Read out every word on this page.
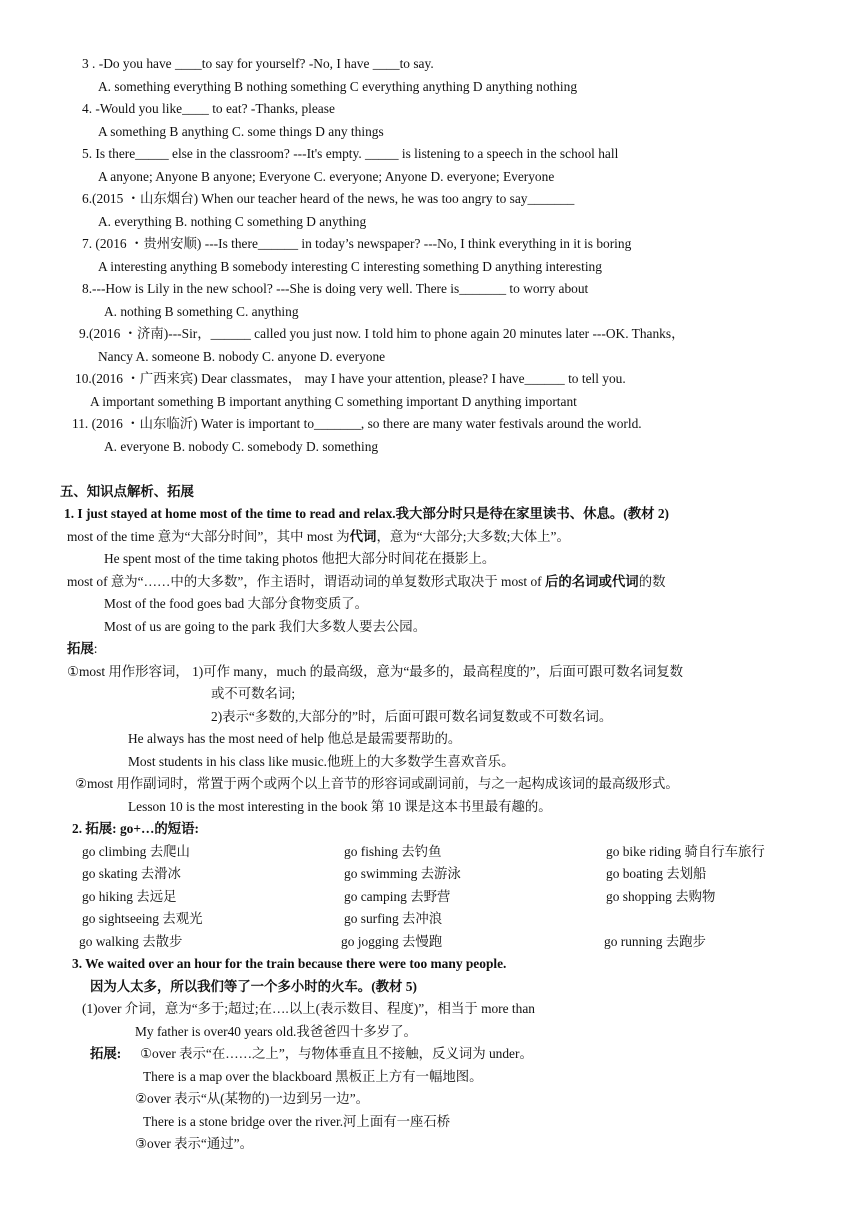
3 . -Do you have ____to say for yourself? -No, I have ____to say.
A. something everything B nothing something C everything anything D anything nothing
4. -Would you like____ to eat? -Thanks, please
A something B anything C. some things D any things
5. Is there_____ else in the classroom? ---It's empty. _____ is listening to a speech in the school hall
A anyone; Anyone B anyone; Everyone C. everyone; Anyone D. everyone; Everyone
6.(2015 ・山东烟台) When our teacher heard of the news, he was too angry to say_______
A. everything B. nothing C something D anything
7. (2016 ・贵州安顺) ---Is there______ in today’s newspaper? ---No, I think everything in it is boring
A interesting anything B somebody interesting C interesting something D anything interesting
8.---How is Lily in the new school? ---She is doing very well. There is_______ to worry about
A. nothing B something C. anything
9.(2016 ・济南)---Sir，______ called you just now. I told him to phone again 20 minutes later ---OK. Thanks，
Nancy A. someone B. nobody C. anyone D. everyone
10.(2016 ・广西来宾) Dear classmates， may I have your attention, please? I have______ to tell you.
A important something B important anything C something important D anything important
11. (2016 ・山东临沂) Water is important to_______, so there are many water festivals around the world.
A. everyone B. nobody C. somebody D. something
五、知识点解析、拓展
1. I just stayed at home most of the time to read and relax.我大部分时只是待在家里读书、休息。(教材 2)
most of the time 意为“大部分时间”，其中 most 为代词，意为“大部分;大多数;大体上”。
He spent most of the time taking photos 他把大部分时间花在摄影上。
most of 意为“……中的大多数”，作主语时，谓语动词的单复数形式取决于 most of 后的名词或代词的数
Most of the food goes bad 大部分食物变质了。
Most of us are going to the park 我们大多数人要去公园。
拓展:
①most 用作形容词， 1)可作 many，much 的最高级，意为“最多的，最高程度的”，后面可跟可数名词复数
或不可数名词;
2)表示“多数的,大部分的”时，后面可跟可数名词复数或不可数名词。
He always has the most need of help 他总是最需要帮助的。
Most students in his class like music.他班上的大多数学生喜欢音乐。
②most 用作副词时，常置于两个或两个以上音节的形容词或副词前，与之一起构成该词的最高级形式。
Lesson 10 is the most interesting in the book 第 10 课是这本书里最有趣的。
2. 拓展: go+…的短语:
go climbing 去爬山	go fishing 去钓鱼	go bike riding 骑自行车旅行
go skating 去滑冰	go swimming 去游泳	go boating 去划船
go hiking 去远足	go camping 去野营	go shopping 去购物
go sightseeing 去观光	go surfing 去冲浪
go walking 去散步	go jogging 去慢跑	go running 去跑步
3. We waited over an hour for the train because there were too many people.
因为人太多，所以我们等了一个多小时的火车。(教材 5)
(1)over 介词，意为“多于;超过;在….以上(表示数目、程度)”，相当于 more than
My father is over40 years old.我爸爸四十多岁了。
拓展: ①over 表示“在……之上”，与物体垂直且不接触，反义词为 under。
There is a map over the blackboard 黑板正上方有一幅地图。
②over 表示“从(某物的)一边到另一边”。
There is a stone bridge over the river.河上面有一座石桥
③over 表示“通过”。
